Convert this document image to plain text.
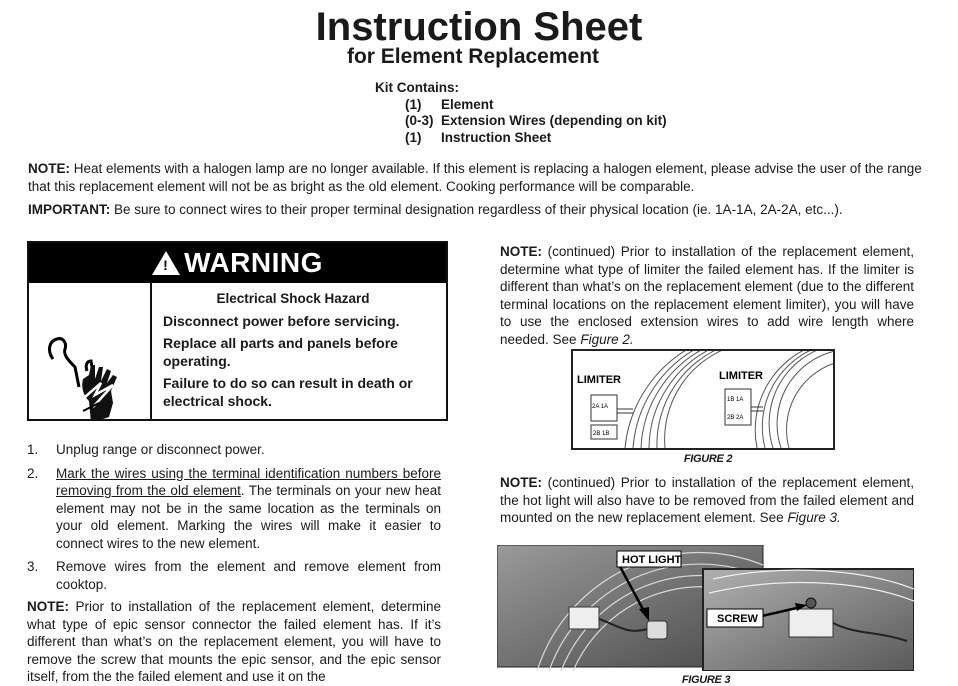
Instruction Sheet
for Element Replacement
Kit Contains:
(1)	Element
(0-3) Extension Wires (depending on kit)
(1)	Instruction Sheet
NOTE: Heat elements with a halogen lamp are no longer available. If this element is replacing a halogen element, please advise the user of the range that this replacement element will not be as bright as the old element. Cooking performance will be comparable.
IMPORTANT: Be sure to connect wires to their proper terminal designation regardless of their physical location (ie. 1A-1A, 2A-2A, etc...).
! WARNING
Electrical Shock Hazard

Disconnect power before servicing.

Replace all parts and panels before operating.

Failure to do so can result in death or electrical shock.

1.	Unplug range or disconnect power.
2.	Mark the wires using the terminal identification numbers before removing from the old element. The terminals on your new heat element may not be in the same location as the terminals on your old element. Marking the wires will make it easier to connect wires to the new element.
3.	Remove wires from the element and remove element from cooktop.
NOTE: Prior to installation of the replacement element, determine what type of epic sensor connector the failed element has. If it’s different than what’s on the replacement element, you will have to remove the screw that mounts the epic sensor, and the epic sensor itself, from the the failed element and use it on the
NOTE: (continued) Prior to installation of the replacement element, determine what type of limiter the failed element has. If the limiter is different than what’s on the replacement element (due to the different terminal locations on the replacement element limiter), you will have to use the enclosed extension wires to add wire length where needed. See Figure 2.
LIMITER	LIMITER
2A 1A
2B 1B
1B 1A
2B 2A
FIGURE 2
NOTE: (continued) Prior to installation of the replacement element, the hot light will also have to be removed from the failed element and mounted on the new replacement element. See Figure 3.
HOT LIGHT
SCREW
FIGURE 3
